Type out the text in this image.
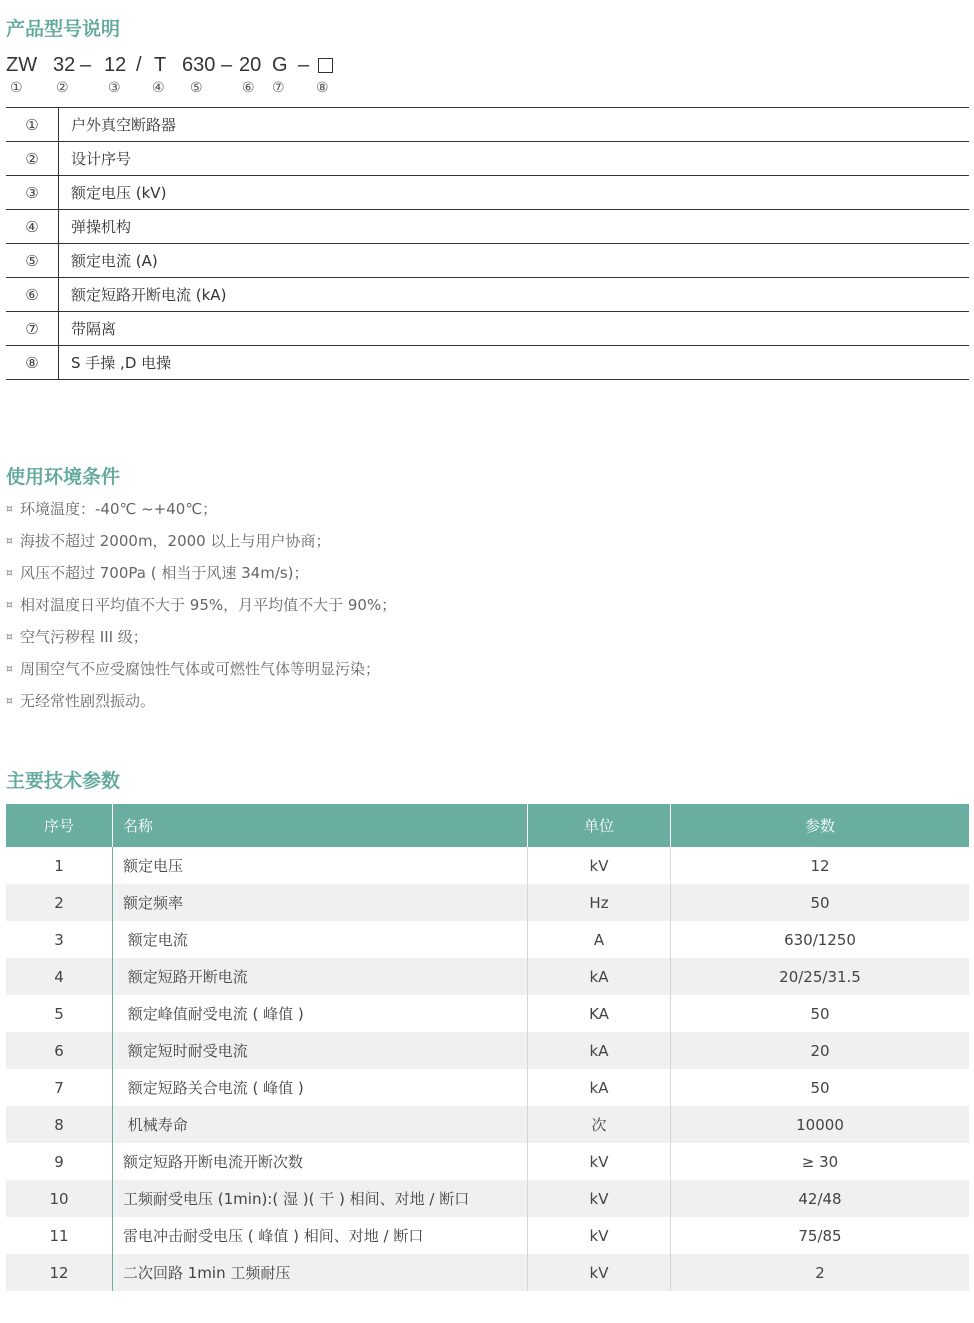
产品型号说明
ZW 32 – 12 / T 630 – 20 G –
① ②	③ ④ ⑤	⑥ ⑦ ⑧
①	户外真空断路器
②	设计序号
③	额定电压 (kV)
④	弹操机构
⑤	额定电流 (A)
⑥	额定短路开断电流 (kA)
⑦	带隔离
⑧	S 手操 ,D 电操
使用环境条件
¤ 环境温度：-40℃ ~+40℃；
¤ 海拔不超过 2000m，2000 以上与用户协商；
¤ 风压不超过 700Pa ( 相当于风速 34m/s)；
¤ 相对温度日平均值不大于 95%，月平均值不大于 90%；
¤ 空气污秽程 III 级；
¤ 周围空气不应受腐蚀性气体或可燃性气体等明显污染；
¤ 无经常性剧烈振动。
主要技术参数
序号	名称	单位	参数
1	额定电压	kV	12
2	额定频率	Hz	50
3	额定电流	A	630/1250
4	额定短路开断电流	kA	20/25/31.5
5	额定峰值耐受电流 ( 峰值 )	KA	50
6	额定短时耐受电流	kA	20
7	额定短路关合电流 ( 峰值 )	kA	50
8	机械寿命	次	10000
9	额定短路开断电流开断次数	kV	≥ 30
10	工频耐受电压 (1min):( 湿 )( 干 ) 相间、对地 / 断口	kV	42/48
11	雷电冲击耐受电压 ( 峰值 ) 相间、对地 / 断口	kV	75/85
12	二次回路 1min 工频耐压	kV	2
